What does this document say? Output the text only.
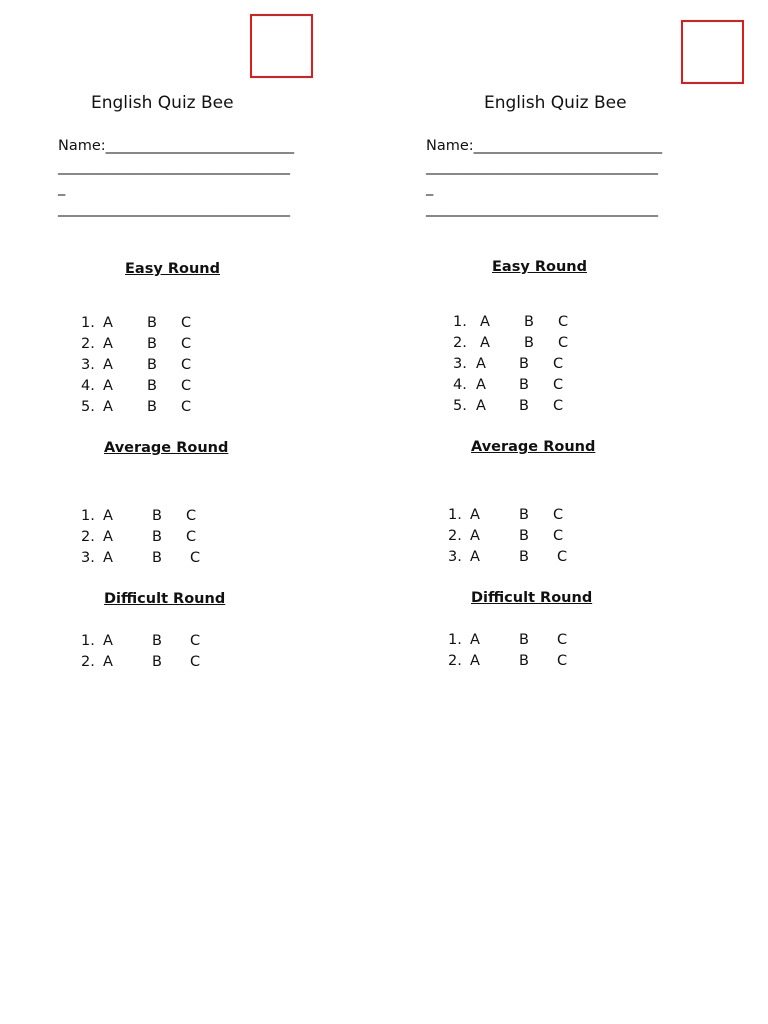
English Quiz Bee
Name:__________________________
________________________________
_
________________________________
Easy Round
1. A B C
2. A B C
3. A B C
4. A B C
5. A B C
Average Round
1. A	B C
2. A	B C
3. A	B C
Difficult Round
1. A	B C
2. A	B C
English Quiz Bee
Name:__________________________
________________________________
_
________________________________
Easy Round
1. A B C
2. A B C
3. A B C
4. A B C
5. A B C
Average Round
1. A	B C
2. A	B C
3. A	B C
Difficult Round
1. A	B C
2. A	B C
